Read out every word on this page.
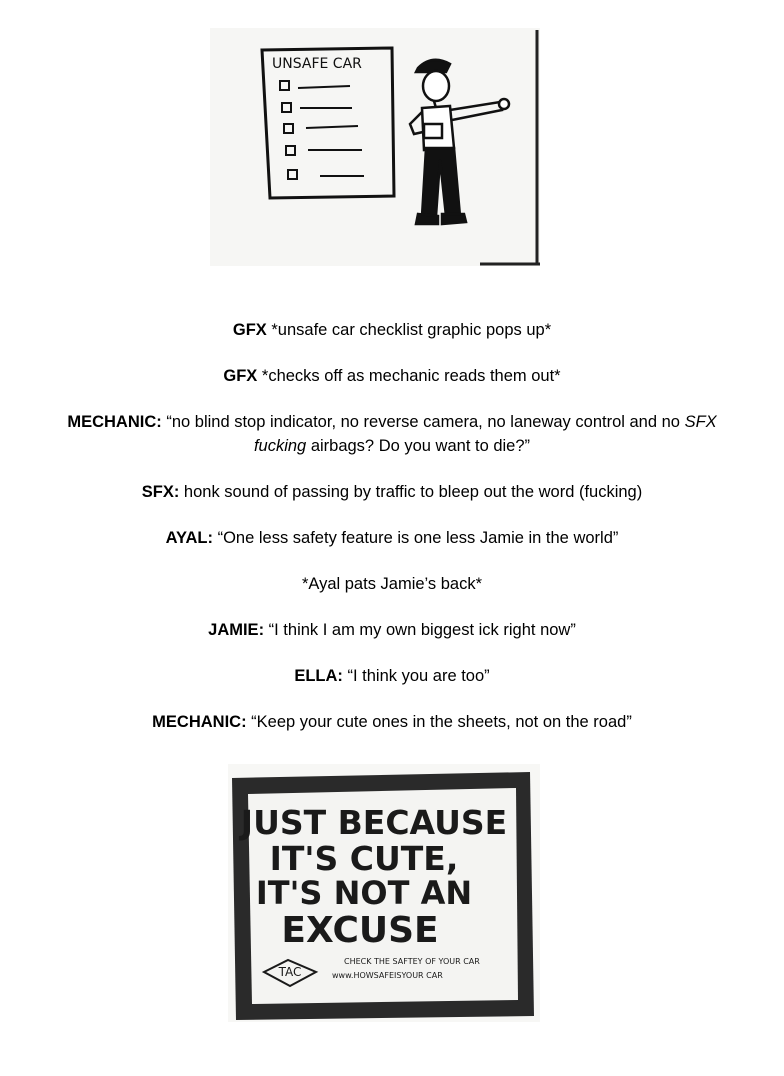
UNSAFE CAR

GFX *unsafe car checklist graphic pops up*

GFX *checks off as mechanic reads them out*

MECHANIC: “no blind stop indicator, no reverse camera, no laneway control and no SFX fucking airbags? Do you want to die?”

SFX: honk sound of passing by traffic to bleep out the word (fucking)

AYAL: “One less safety feature is one less Jamie in the world”

*Ayal pats Jamie’s back*

JAMIE: “I think I am my own biggest ick right now”

ELLA: “I think you are too”

MECHANIC: “Keep your cute ones in the sheets, not on the road”

JUST BECAUSE
IT'S CUTE,
IT'S NOT AN
EXCUSE
TAC
CHECK THE SAFTEY OF YOUR CAR
www.HOWSAFEISYOUR CAR
